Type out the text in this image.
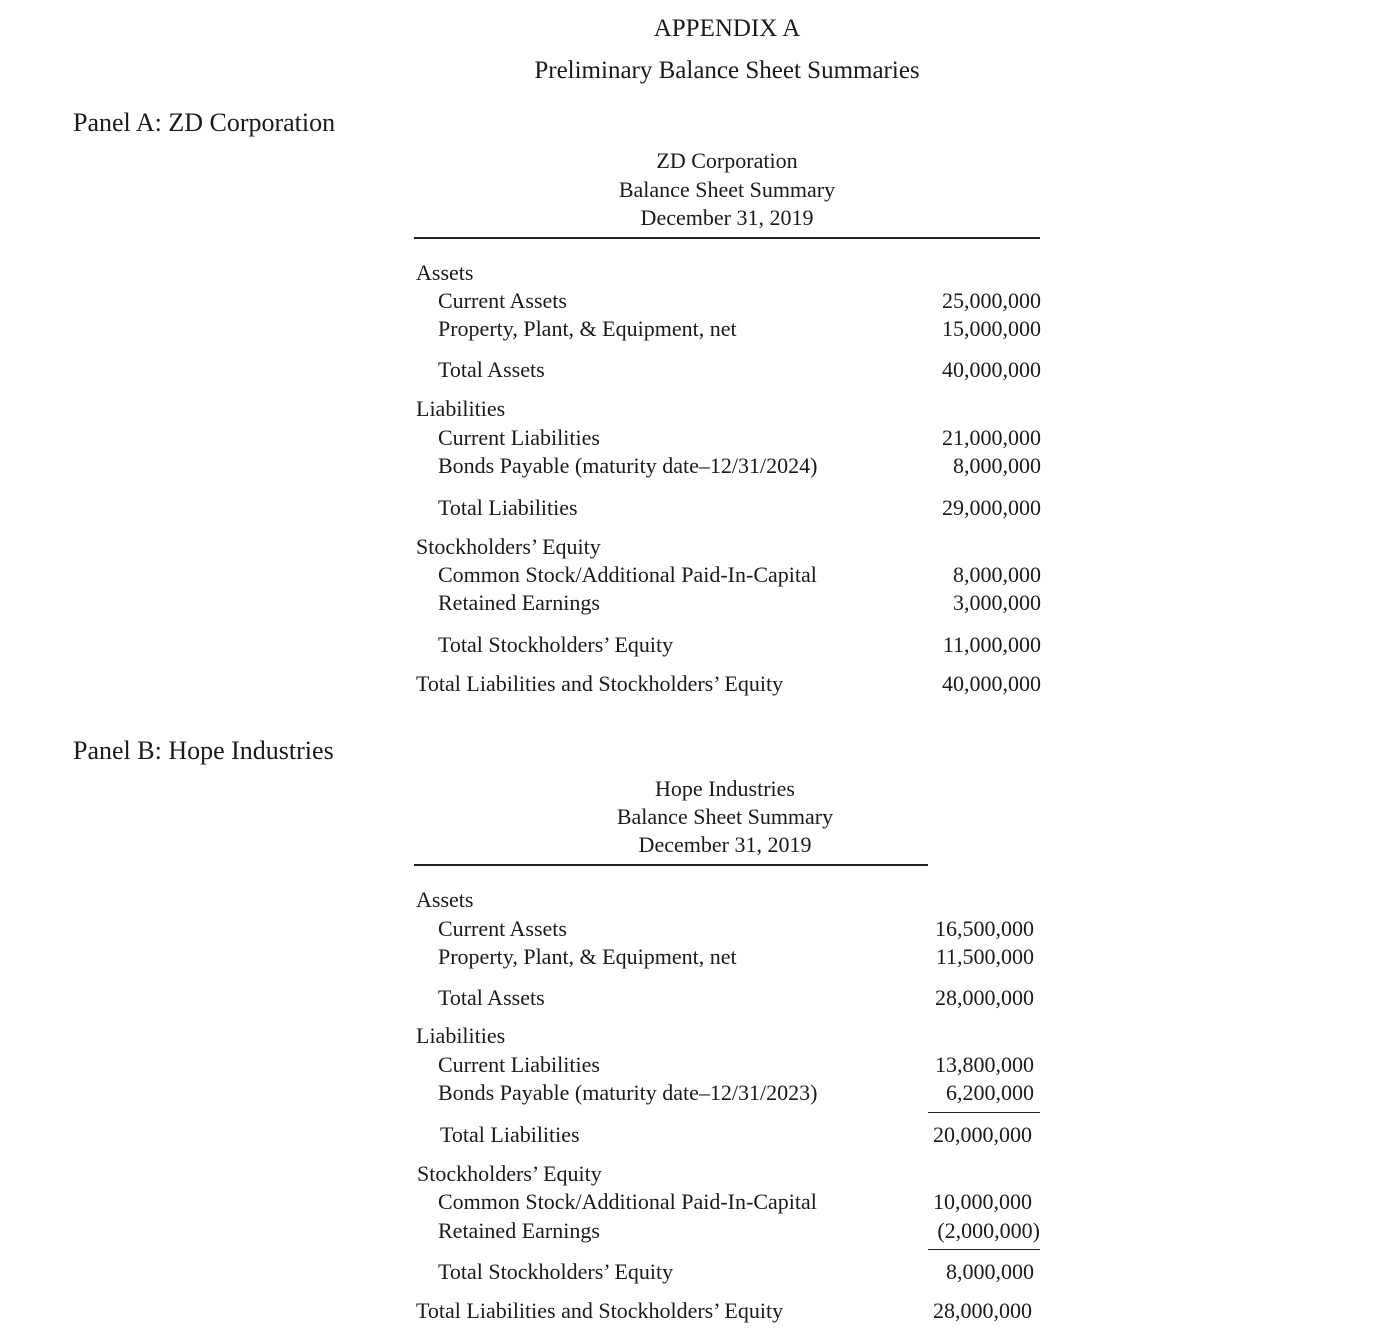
APPENDIX A
Preliminary Balance Sheet Summaries
Panel A: ZD Corporation
ZD Corporation
Balance Sheet Summary
December 31, 2019
Assets
Current Assets	25,000,000
Property, Plant, & Equipment, net	15,000,000
Total Assets	40,000,000
Liabilities
Current Liabilities	21,000,000
Bonds Payable (maturity date–12/31/2024)	8,000,000
Total Liabilities	29,000,000
Stockholders’ Equity
Common Stock/Additional Paid-In-Capital	8,000,000
Retained Earnings	3,000,000
Total Stockholders’ Equity	11,000,000
Total Liabilities and Stockholders’ Equity	40,000,000
Panel B: Hope Industries
Hope Industries
Balance Sheet Summary
December 31, 2019
Assets
Current Assets	16,500,000
Property, Plant, & Equipment, net	11,500,000
Total Assets	28,000,000
Liabilities
Current Liabilities	13,800,000
Bonds Payable (maturity date–12/31/2023)	6,200,000
Total Liabilities	20,000,000
Stockholders’ Equity
Common Stock/Additional Paid-In-Capital	10,000,000
Retained Earnings	(2,000,000)
Total Stockholders’ Equity	8,000,000
Total Liabilities and Stockholders’ Equity	28,000,000
